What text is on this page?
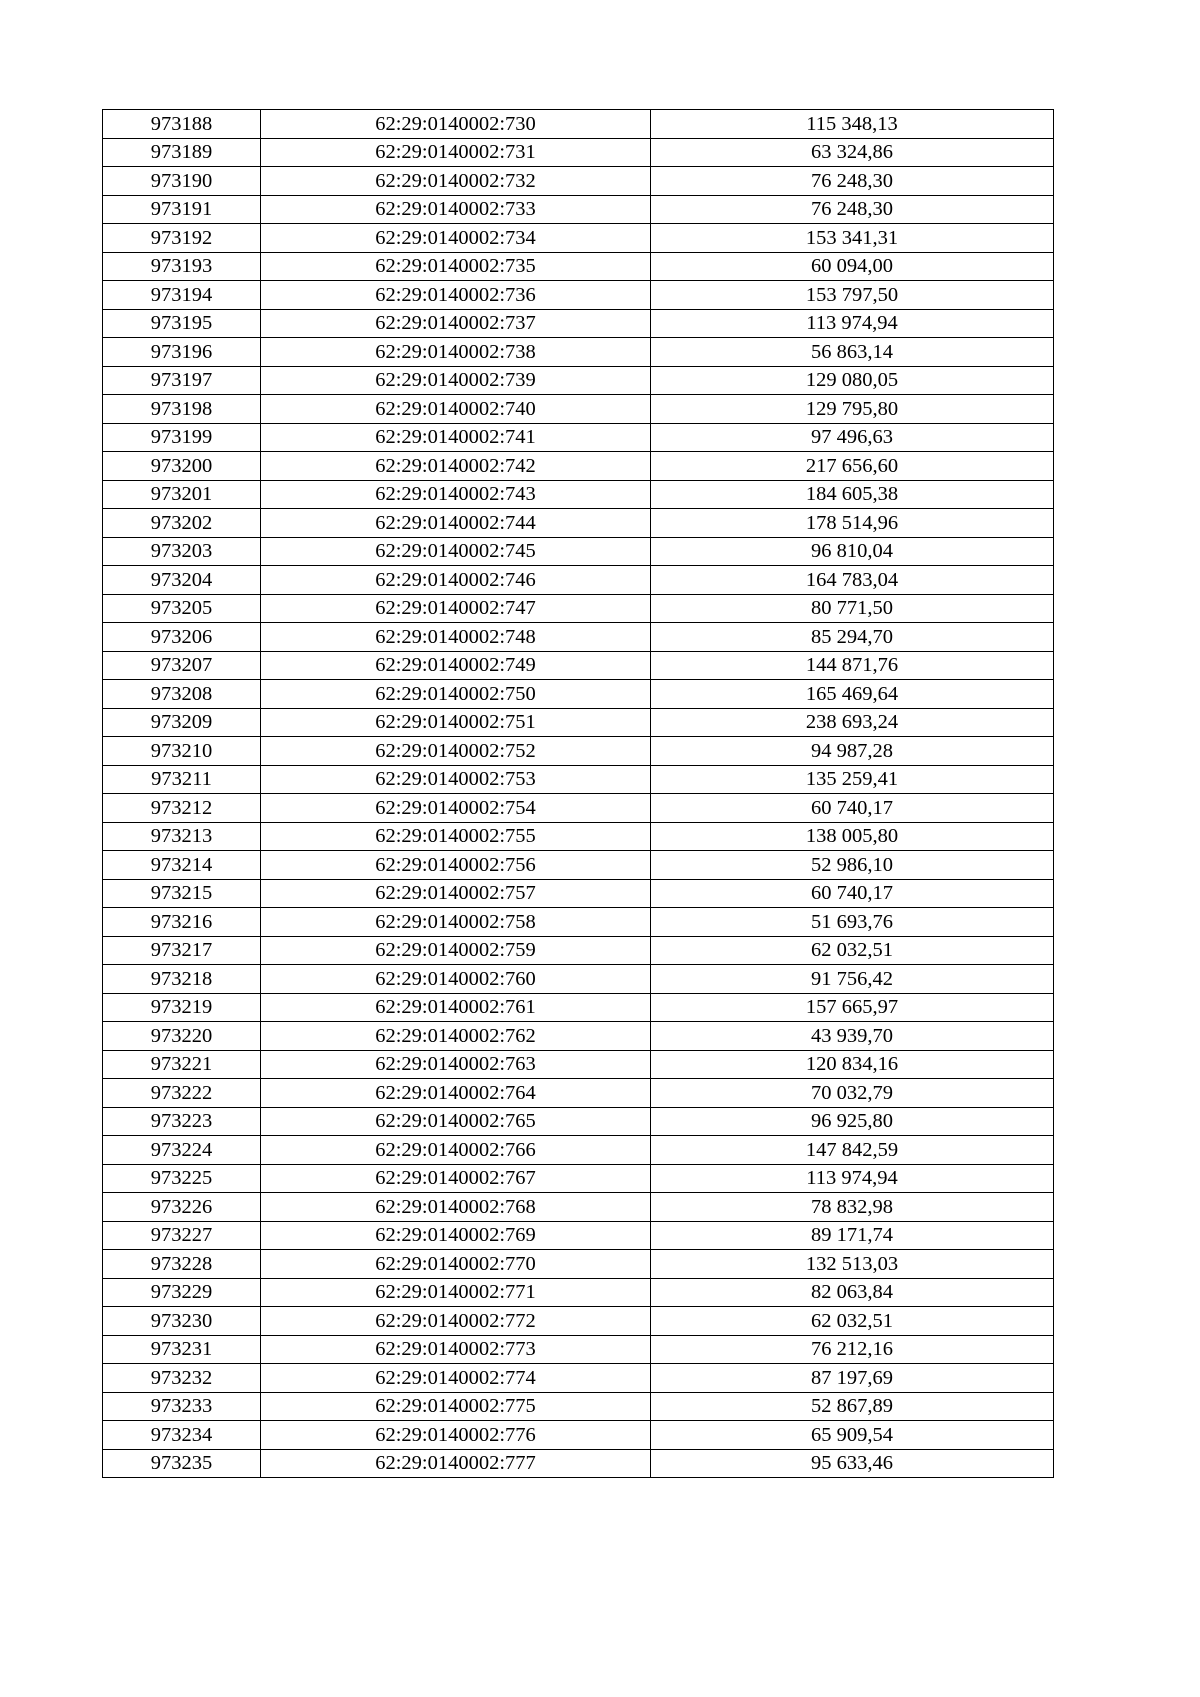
973188	62:29:0140002:730	115 348,13
973189	62:29:0140002:731	63 324,86
973190	62:29:0140002:732	76 248,30
973191	62:29:0140002:733	76 248,30
973192	62:29:0140002:734	153 341,31
973193	62:29:0140002:735	60 094,00
973194	62:29:0140002:736	153 797,50
973195	62:29:0140002:737	113 974,94
973196	62:29:0140002:738	56 863,14
973197	62:29:0140002:739	129 080,05
973198	62:29:0140002:740	129 795,80
973199	62:29:0140002:741	97 496,63
973200	62:29:0140002:742	217 656,60
973201	62:29:0140002:743	184 605,38
973202	62:29:0140002:744	178 514,96
973203	62:29:0140002:745	96 810,04
973204	62:29:0140002:746	164 783,04
973205	62:29:0140002:747	80 771,50
973206	62:29:0140002:748	85 294,70
973207	62:29:0140002:749	144 871,76
973208	62:29:0140002:750	165 469,64
973209	62:29:0140002:751	238 693,24
973210	62:29:0140002:752	94 987,28
973211	62:29:0140002:753	135 259,41
973212	62:29:0140002:754	60 740,17
973213	62:29:0140002:755	138 005,80
973214	62:29:0140002:756	52 986,10
973215	62:29:0140002:757	60 740,17
973216	62:29:0140002:758	51 693,76
973217	62:29:0140002:759	62 032,51
973218	62:29:0140002:760	91 756,42
973219	62:29:0140002:761	157 665,97
973220	62:29:0140002:762	43 939,70
973221	62:29:0140002:763	120 834,16
973222	62:29:0140002:764	70 032,79
973223	62:29:0140002:765	96 925,80
973224	62:29:0140002:766	147 842,59
973225	62:29:0140002:767	113 974,94
973226	62:29:0140002:768	78 832,98
973227	62:29:0140002:769	89 171,74
973228	62:29:0140002:770	132 513,03
973229	62:29:0140002:771	82 063,84
973230	62:29:0140002:772	62 032,51
973231	62:29:0140002:773	76 212,16
973232	62:29:0140002:774	87 197,69
973233	62:29:0140002:775	52 867,89
973234	62:29:0140002:776	65 909,54
973235	62:29:0140002:777	95 633,46
